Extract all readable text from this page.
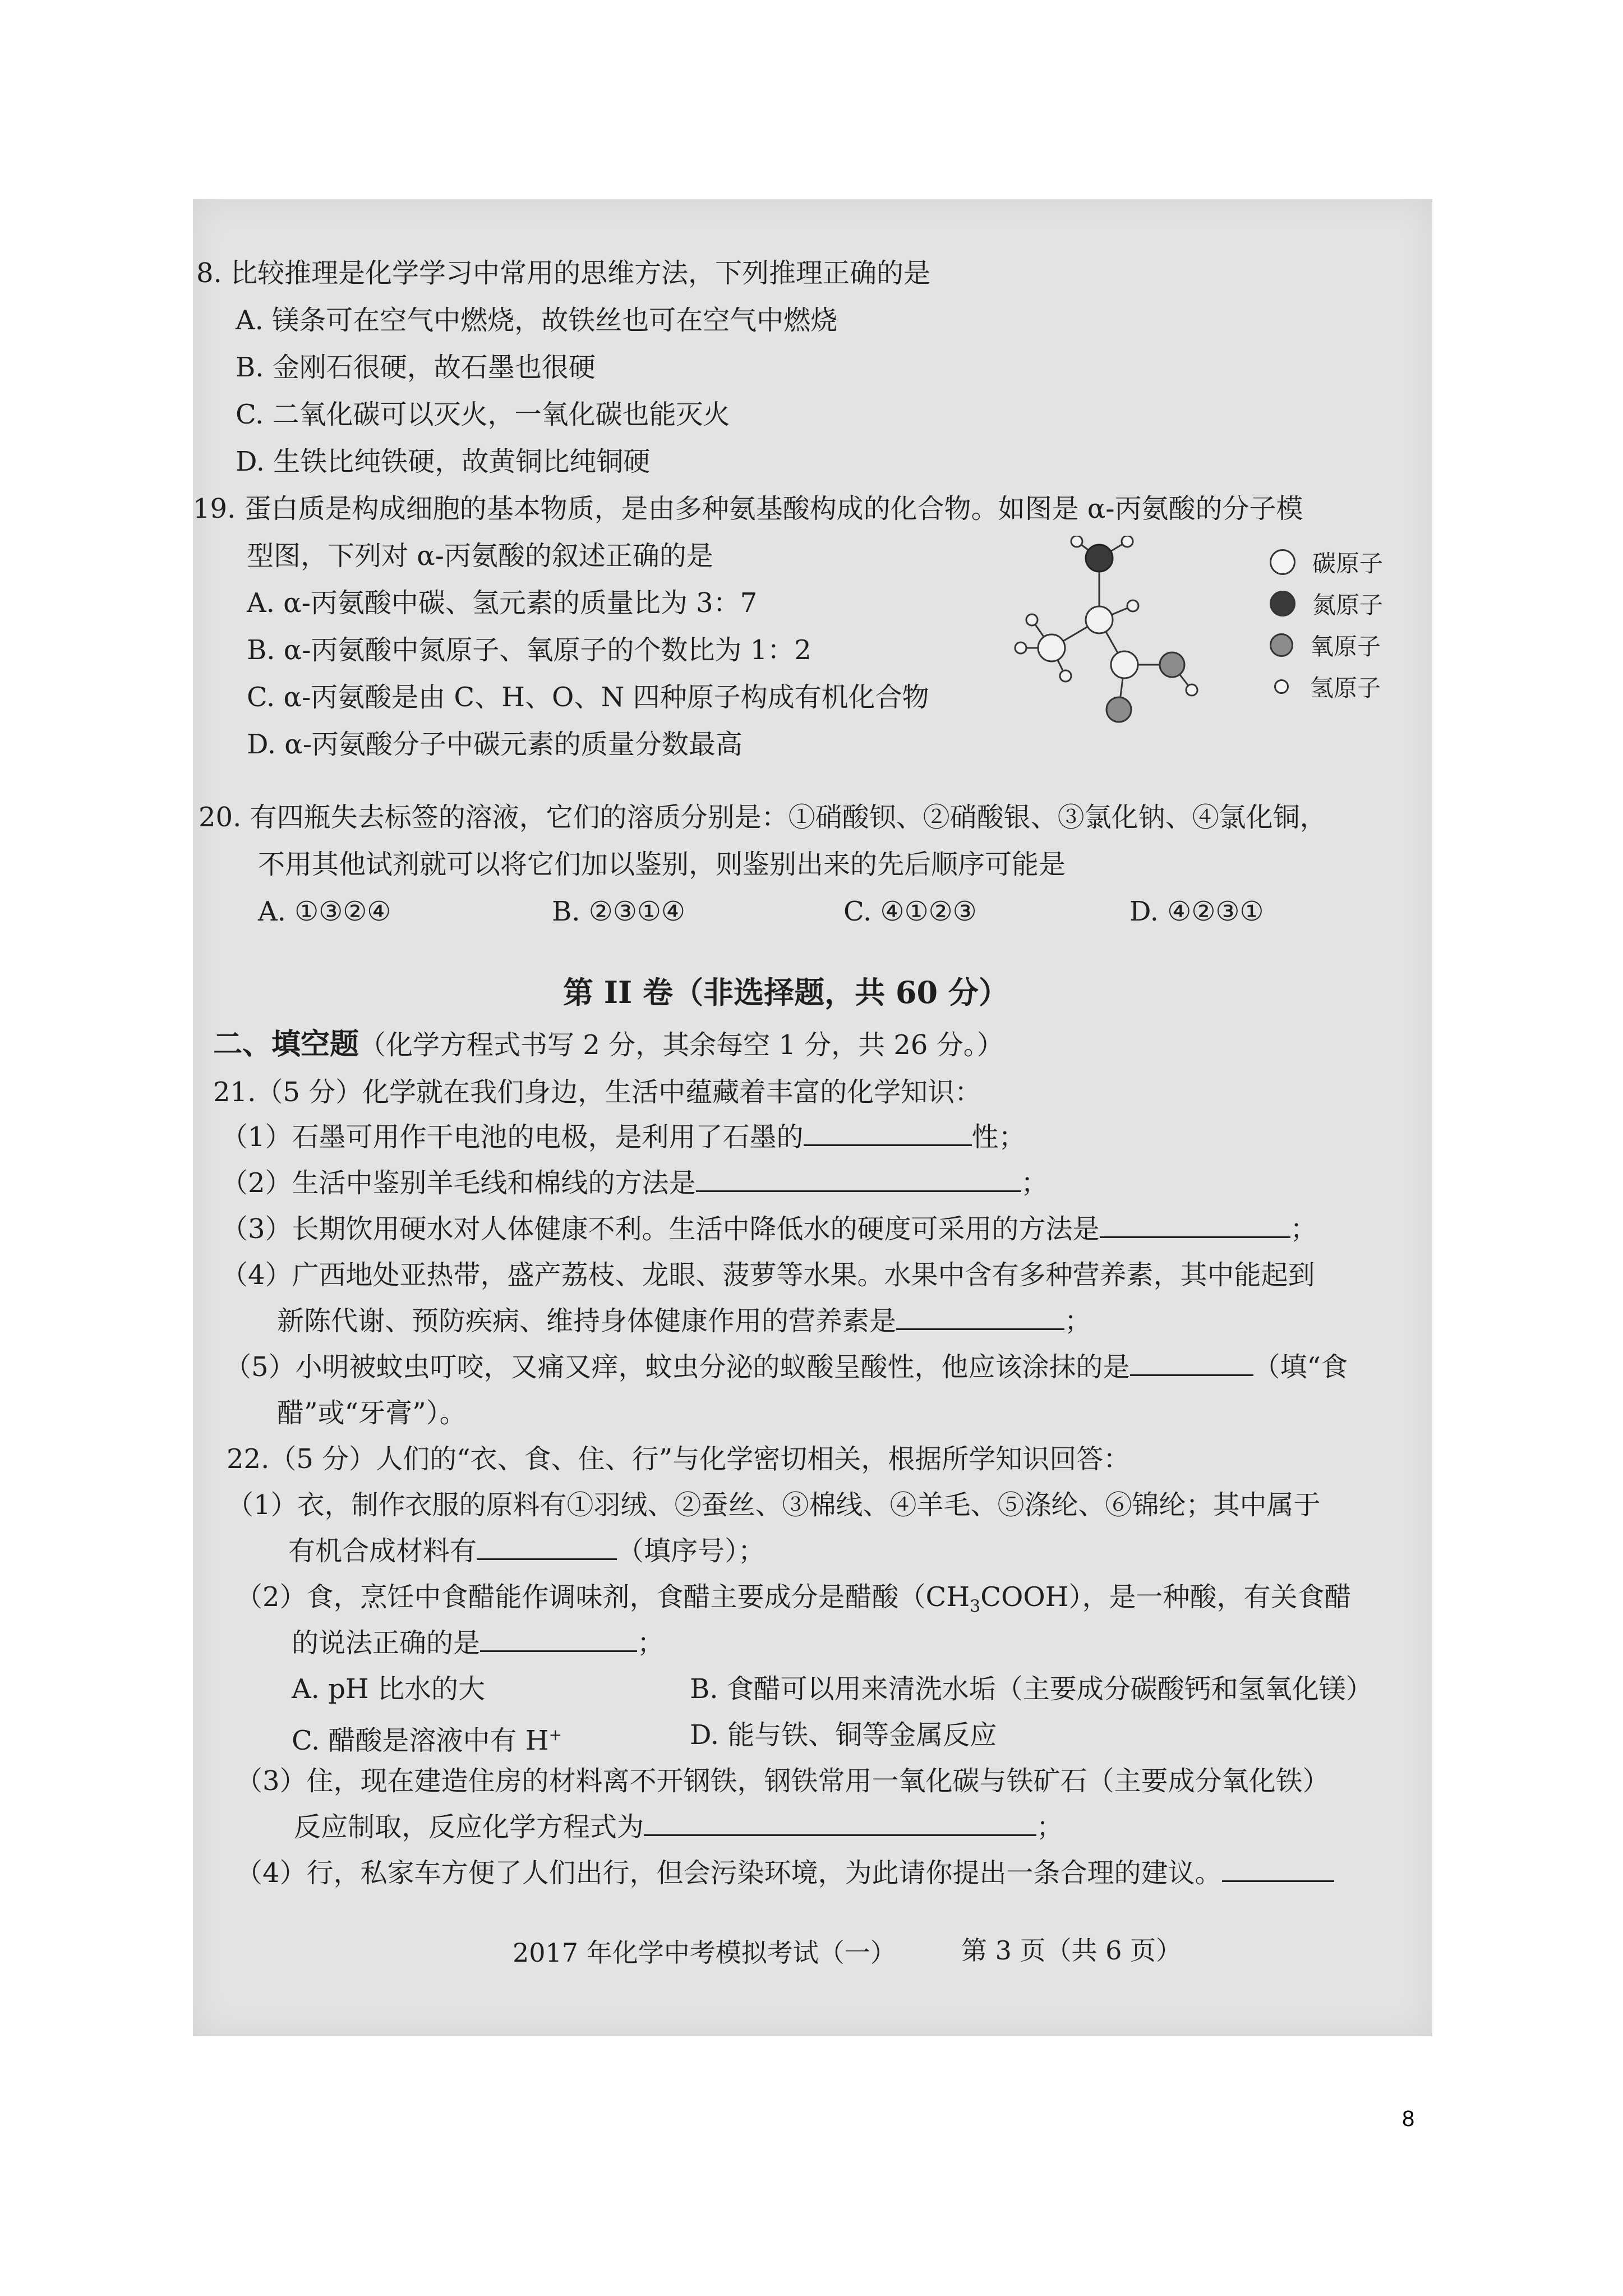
8. 比较推理是化学学习中常用的思维方法，下列推理正确的是
A. 镁条可在空气中燃烧，故铁丝也可在空气中燃烧
B. 金刚石很硬，故石墨也很硬
C. 二氧化碳可以灭火，一氧化碳也能灭火
D. 生铁比纯铁硬，故黄铜比纯铜硬
19. 蛋白质是构成细胞的基本物质，是由多种氨基酸构成的化合物。如图是 α-丙氨酸的分子模
型图，下列对 α-丙氨酸的叙述正确的是
A. α-丙氨酸中碳、氢元素的质量比为 3：7
B. α-丙氨酸中氮原子、氧原子的个数比为 1：2
C. α-丙氨酸是由 C、H、O、N 四种原子构成有机化合物
D. α-丙氨酸分子中碳元素的质量分数最高
碳原子
氮原子
氧原子
氢原子
20. 有四瓶失去标签的溶液，它们的溶质分别是：①硝酸钡、②硝酸银、③氯化钠、④氯化铜，
不用其他试剂就可以将它们加以鉴别，则鉴别出来的先后顺序可能是
A. ①③②④	B. ②③①④	C. ④①②③	D. ④②③①
第 II 卷（非选择题，共 60 分）
二、填空题（化学方程式书写 2 分，其余每空 1 分，共 26 分。）
21.（5 分）化学就在我们身边，生活中蕴藏着丰富的化学知识：
（1）石墨可用作干电池的电极，是利用了石墨的	性；
（2）生活中鉴别羊毛线和棉线的方法是	；
（3）长期饮用硬水对人体健康不利。生活中降低水的硬度可采用的方法是	；
（4）广西地处亚热带，盛产荔枝、龙眼、菠萝等水果。水果中含有多种营养素，其中能起到
新陈代谢、预防疾病、维持身体健康作用的营养素是	；
（5）小明被蚊虫叮咬，又痛又痒，蚊虫分泌的蚁酸呈酸性，他应该涂抹的是	（填“食
醋”或“牙膏”）。
22.（5 分）人们的“衣、食、住、行”与化学密切相关，根据所学知识回答：
（1）衣，制作衣服的原料有①羽绒、②蚕丝、③棉线、④羊毛、⑤涤纶、⑥锦纶；其中属于
有机合成材料有	（填序号）；
（2）食，烹饪中食醋能作调味剂，食醋主要成分是醋酸$(CH_3COOH)$，是一种酸，有关食醋
的说法正确的是	；
A. pH 比水的大	B. 食醋可以用来清洗水垢（主要成分碳酸钙和氢氧化镁）
C. 醋酸是溶液中有 H+	D. 能与铁、铜等金属反应
（3）住，现在建造住房的材料离不开钢铁，钢铁常用一氧化碳与铁矿石（主要成分氧化铁）
反应制取，反应化学方程式为	；
（4）行，私家车方便了人们出行，但会污染环境，为此请你提出一条合理的建议。
2017 年化学中考模拟考试（一）	第 3 页（共 6 页）
8
